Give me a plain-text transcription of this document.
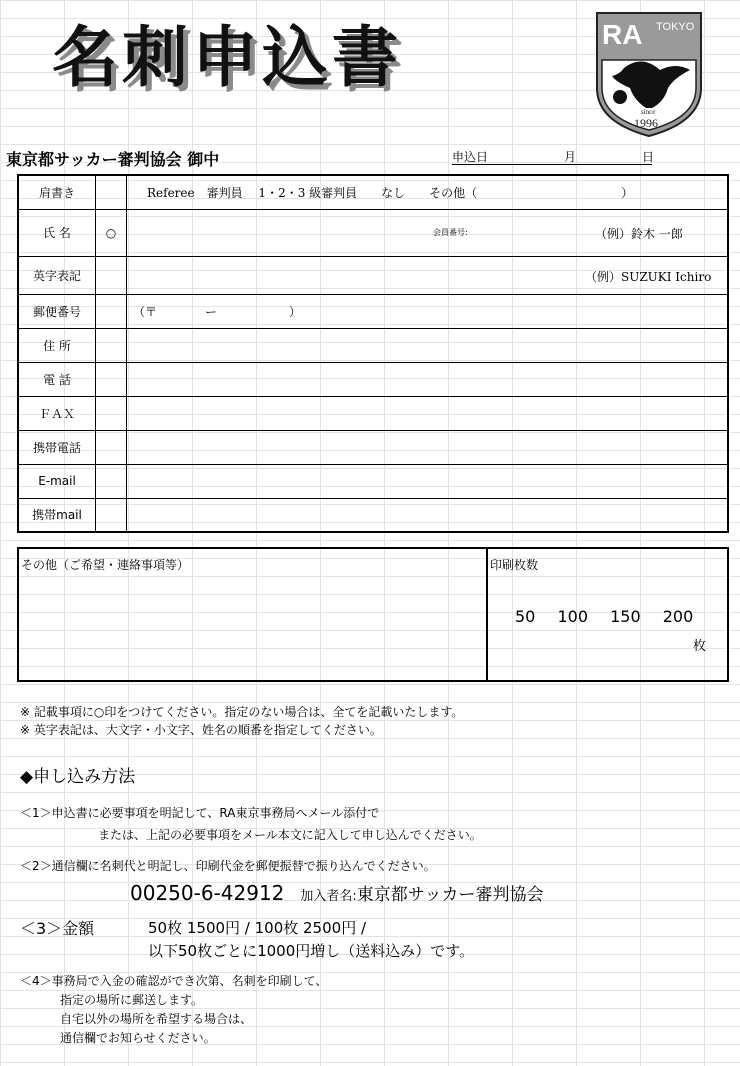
名刺申込書	RA TOKYO
since
1996
東京都サッカー審判協会 御中	申込日	月	日
肩書き		Referee　審判員　 1・2・3 級審判員　　なし　　その他（　　　　　　　　　　　　）
氏 名	○	会員番号: （例）鈴木 一郎

英字表記		（例）SUZUKI Ichiro

郵便番号		（〒　　　　ー　　　　　　）
住 所		
電 話		
ＦＡＸ		
携帯電話		
E-mail		
携帯mail		
その他（ご希望・連絡事項等）	印刷枚数
50 100 150 200
枚
※ 記載事項に○印をつけてください。指定のない場合は、全てを記載いたします。
※ 英字表記は、大文字・小文字、姓名の順番を指定してください。
◆申し込み方法
＜1＞申込書に必要事項を明記して、RA東京事務局へメール添付で
または、上記の必要事項をメール本文に記入して申し込んでください。
＜2＞通信欄に名刺代と明記し、印刷代金を郵便振替で振り込んでください。
00250-6-42912 加入者名:東京都サッカー審判協会
＜3＞金額	50枚 1500円 / 100枚 2500円 /
以下50枚ごとに1000円増し（送料込み）です。
＜4＞事務局で入金の確認ができ次第、名刺を印刷して、
指定の場所に郵送します。
自宅以外の場所を希望する場合は、
通信欄でお知らせください。
